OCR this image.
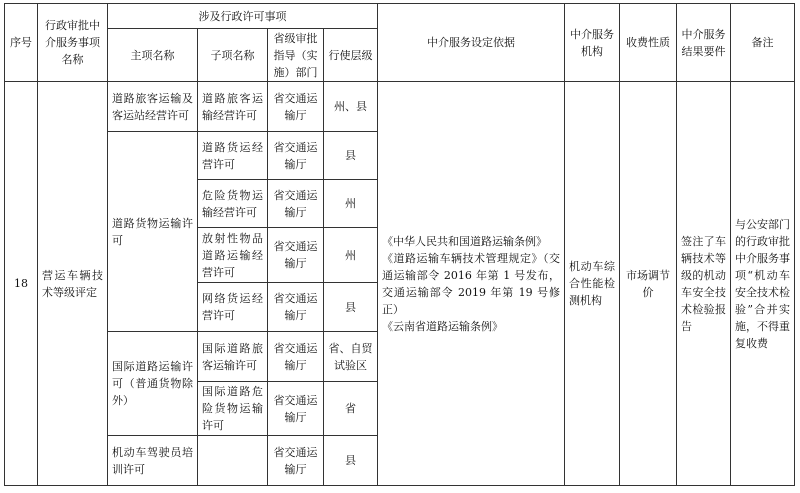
序号	行政审批中介服务事项名称	涉及行政许可事项				中介服务设定依据	中介服务机构	收费性质	中介服务结果要件	备注
		主项名称	子项名称	省级审批指导（实施）部门	行使层级					
18	营运车辆技术等级评定	道路旅客运输及客运站经营许可	道路旅客运输经营许可	省交通运输厅	州、县	《中华人民共和国道路运输条例》
《道路运输车辆技术管理规定》（交通运输部令 2016 年第 1 号发布，交通运输部令 2019 年第 19 号修正）
《云南省道路运输条例》	机动车综合性能检测机构	市场调节价	签注了车辆技术等级的机动车安全技术检验报告	与公安部门的行政审批中介服务事项“机动车安全技术检验”合并实施，不得重复收费
		道路货物运输许可	道路货运经营许可	省交通运输厅	县					
			危险货物运输经营许可	省交通运输厅	州					
			放射性物品道路运输经营许可	省交通运输厅	州					
			网络货运经营许可	省交通运输厅	县					
		国际道路运输许可（普通货物除外）	国际道路旅客运输许可	省交通运输厅	省、自贸试验区					
			国际道路危险货物运输许可	省交通运输厅	省					
		机动车驾驶员培训许可		省交通运输厅	县					
